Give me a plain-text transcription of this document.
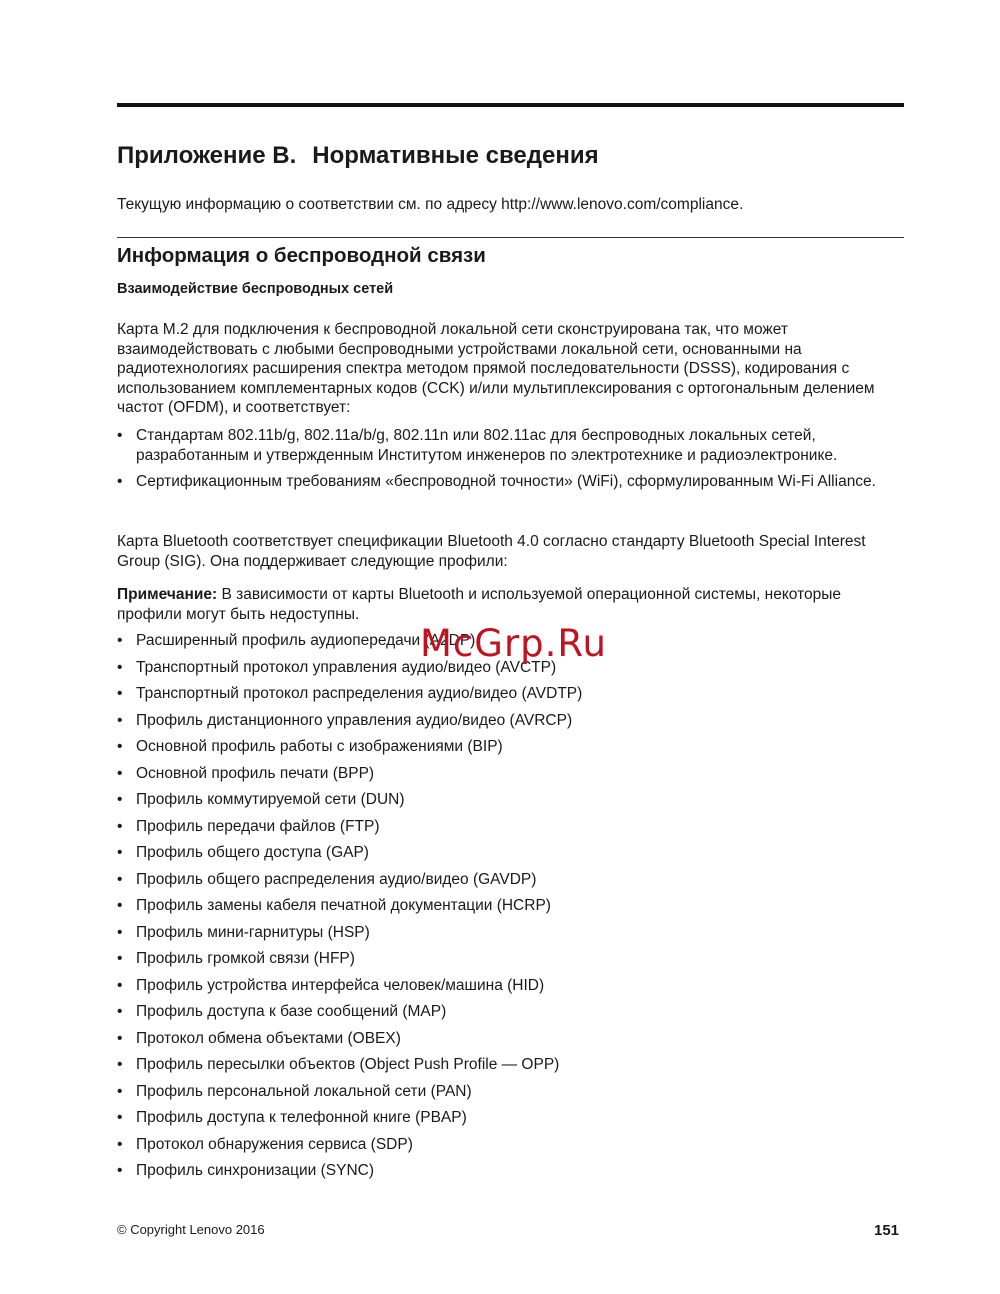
Приложение B. Нормативные сведения

Текущую информацию о соответствии см. по адресу http://www.lenovo.com/compliance.

Информация о беспроводной связи
Взаимодействие беспроводных сетей

Карта M.2 для подключения к беспроводной локальной сети сконструирована так, что может взаимодействовать с любыми беспроводными устройствами локальной сети, основанными на радиотехнологиях расширения спектра методом прямой последовательности (DSSS), кодирования с использованием комплементарных кодов (CCK) и/или мультиплексирования с ортогональным делением частот (OFDM), и соответствует:

• Стандартам 802.11b/g, 802.11a/b/g, 802.11n или 802.11ac для беспроводных локальных сетей, разработанным и утвержденным Институтом инженеров по электротехнике и радиоэлектронике.
• Сертификационным требованиям «беспроводной точности» (WiFi), сформулированным Wi-Fi Alliance.

Карта Bluetooth соответствует спецификации Bluetooth 4.0 согласно стандарту Bluetooth Special Interest Group (SIG). Она поддерживает следующие профили:

Примечание: В зависимости от карты Bluetooth и используемой операционной системы, некоторые профили могут быть недоступны.

• Расширенный профиль аудиопередачи (A2DP)
• Транспортный протокол управления аудио/видео (AVCTP)
• Транспортный протокол распределения аудио/видео (AVDTP)
• Профиль дистанционного управления аудио/видео (AVRCP)
• Основной профиль работы с изображениями (BIP)
• Основной профиль печати (BPP)
• Профиль коммутируемой сети (DUN)
• Профиль передачи файлов (FTP)
• Профиль общего доступа (GAP)
• Профиль общего распределения аудио/видео (GAVDP)
• Профиль замены кабеля печатной документации (HCRP)
• Профиль мини-гарнитуры (HSP)
• Профиль громкой связи (HFP)
• Профиль устройства интерфейса человек/машина (HID)
• Профиль доступа к базе сообщений (MAP)
• Протокол обмена объектами (OBEX)
• Профиль пересылки объектов (Object Push Profile — OPP)
• Профиль персональной локальной сети (PAN)
• Профиль доступа к телефонной книге (PBAP)
• Протокол обнаружения сервиса (SDP)
• Профиль синхронизации (SYNC)
McGrp.Ru
© Copyright Lenovo 2016	151
